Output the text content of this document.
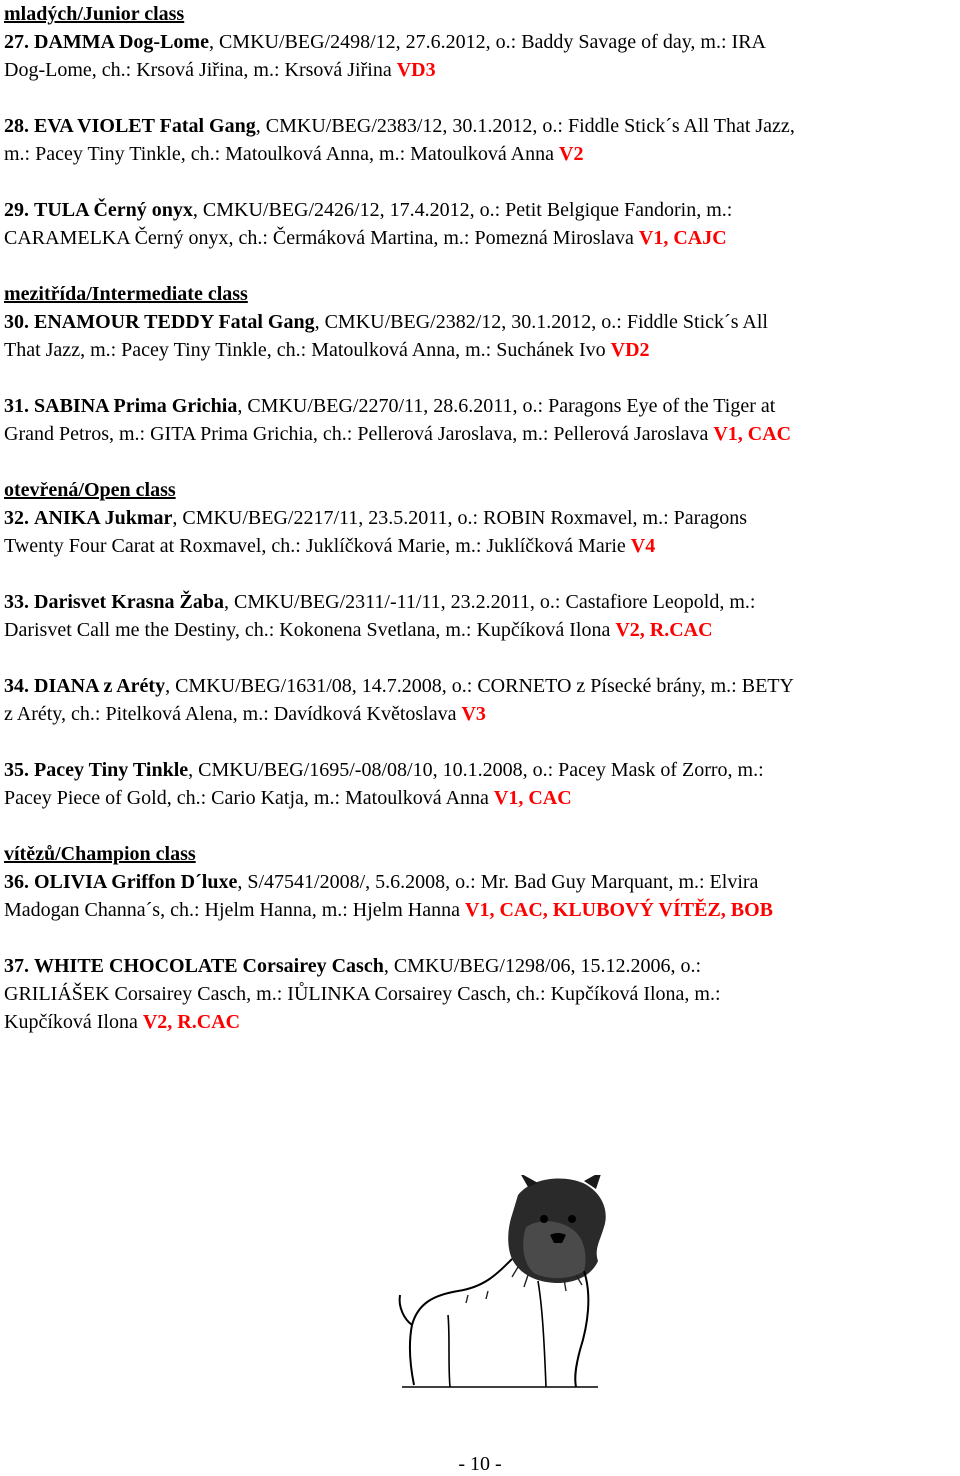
mladých/Junior class
27. DAMMA Dog-Lome, CMKU/BEG/2498/12, 27.6.2012, o.: Baddy Savage of day, m.: IRA
Dog-Lome, ch.: Krsová Jiřina, m.: Krsová Jiřina VD3
28. EVA VIOLET Fatal Gang, CMKU/BEG/2383/12, 30.1.2012, o.: Fiddle Stick´s All That Jazz,
m.: Pacey Tiny Tinkle, ch.: Matoulková Anna, m.: Matoulková Anna V2
29. TULA Černý onyx, CMKU/BEG/2426/12, 17.4.2012, o.: Petit Belgique Fandorin, m.:
CARAMELKA Černý onyx, ch.: Čermáková Martina, m.: Pomezná Miroslava V1, CAJC
mezitřída/Intermediate class
30. ENAMOUR TEDDY Fatal Gang, CMKU/BEG/2382/12, 30.1.2012, o.: Fiddle Stick´s All
That Jazz, m.: Pacey Tiny Tinkle, ch.: Matoulková Anna, m.: Suchánek Ivo VD2
31. SABINA Prima Grichia, CMKU/BEG/2270/11, 28.6.2011, o.: Paragons Eye of the Tiger at
Grand Petros, m.: GITA Prima Grichia, ch.: Pellerová Jaroslava, m.: Pellerová Jaroslava V1, CAC
otevřená/Open class
32. ANIKA Jukmar, CMKU/BEG/2217/11, 23.5.2011, o.: ROBIN Roxmavel, m.: Paragons
Twenty Four Carat at Roxmavel, ch.: Juklíčková Marie, m.: Juklíčková Marie V4
33. Darisvet Krasna Žaba, CMKU/BEG/2311/-11/11, 23.2.2011, o.: Castafiore Leopold, m.:
Darisvet Call me the Destiny, ch.: Kokonena Svetlana, m.: Kupčíková Ilona V2, R.CAC
34. DIANA z Aréty, CMKU/BEG/1631/08, 14.7.2008, o.: CORNETO z Písecké brány, m.: BETY
z Aréty, ch.: Pitelková Alena, m.: Davídková Květoslava V3
35. Pacey Tiny Tinkle, CMKU/BEG/1695/-08/08/10, 10.1.2008, o.: Pacey Mask of Zorro, m.:
Pacey Piece of Gold, ch.: Cario Katja, m.: Matoulková Anna V1, CAC
vítězů/Champion class
36. OLIVIA Griffon D´luxe, S/47541/2008/, 5.6.2008, o.: Mr. Bad Guy Marquant, m.: Elvira
Madogan Channa´s, ch.: Hjelm Hanna, m.: Hjelm Hanna V1, CAC, KLUBOVÝ VÍTĚZ, BOB
37. WHITE CHOCOLATE Corsairey Casch, CMKU/BEG/1298/06, 15.12.2006, o.:
GRILIÁŠEK Corsairey Casch, m.: IŮLINKA Corsairey Casch, ch.: Kupčíková Ilona, m.:
Kupčíková Ilona V2, R.CAC
- 10 -
